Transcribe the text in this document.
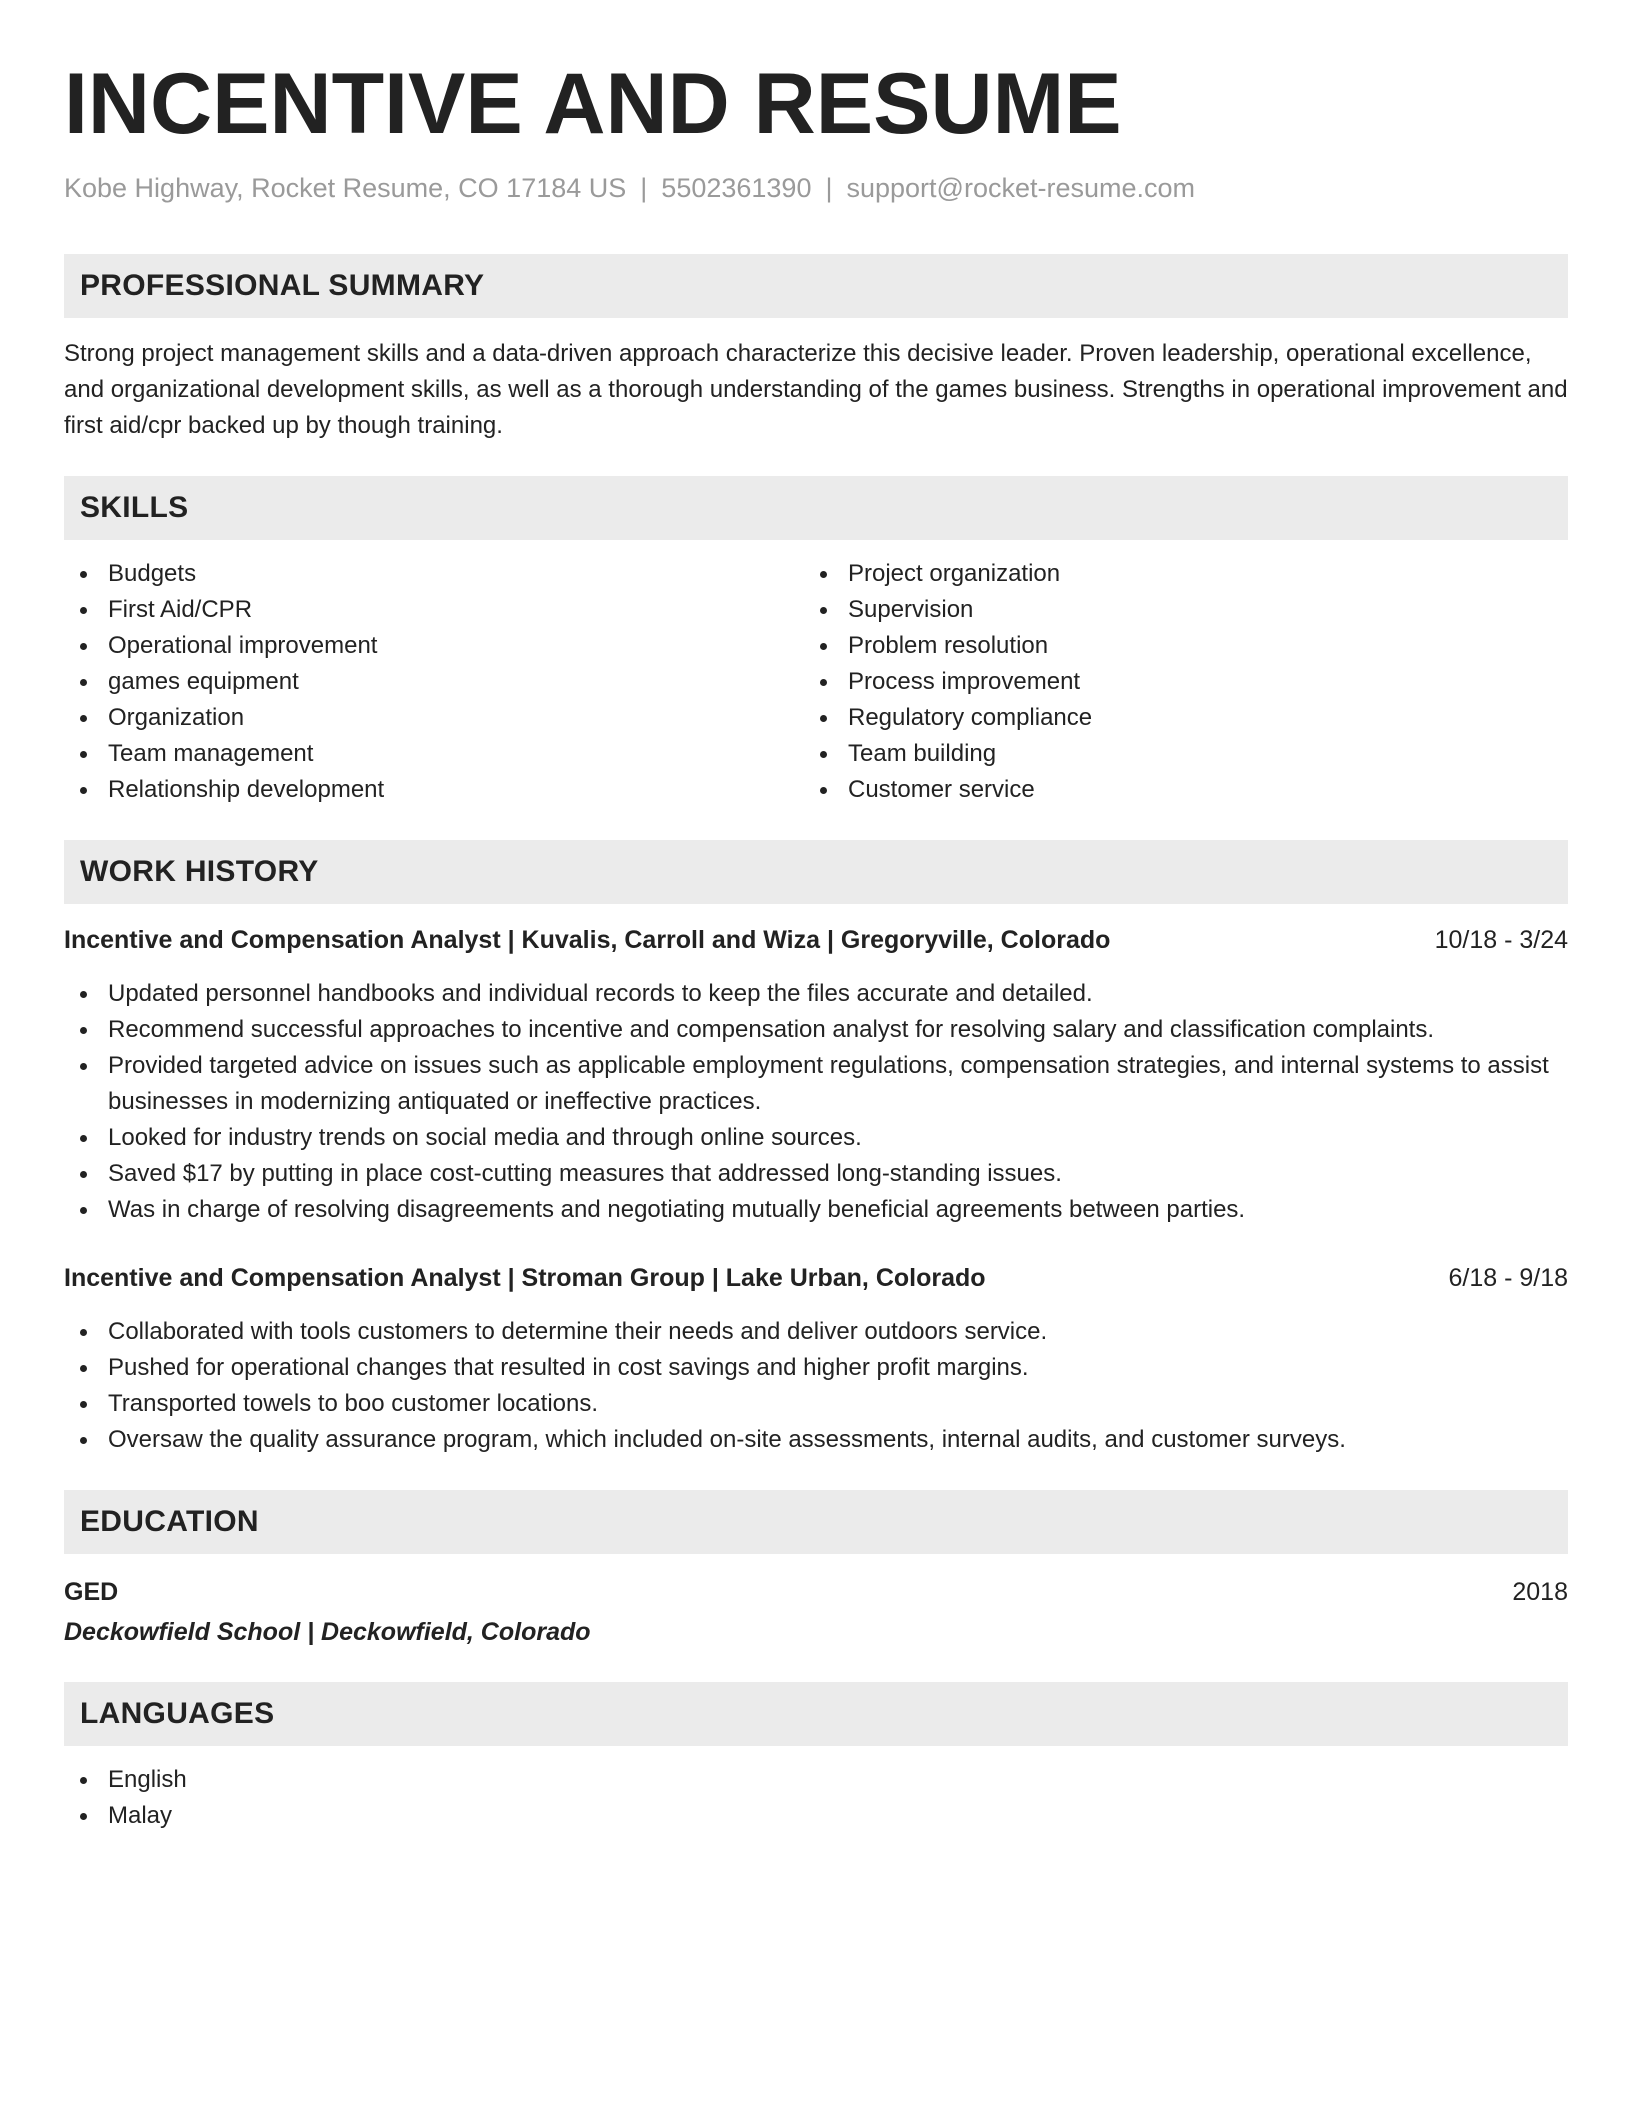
INCENTIVE AND RESUME
Kobe Highway, Rocket Resume, CO 17184 US | 5502361390 | support@rocket-resume.com
PROFESSIONAL SUMMARY

Strong project management skills and a data-driven approach characterize this decisive leader. Proven leadership, operational excellence, and organizational development skills, as well as a thorough understanding of the games business. Strengths in operational improvement and first aid/cpr backed up by though training.

SKILLS
Budgets
First Aid/CPR
Operational improvement
games equipment
Organization
Team management
Relationship development
Project organization
Supervision
Problem resolution
Process improvement
Regulatory compliance
Team building
Customer service
WORK HISTORY
Incentive and Compensation Analyst | Kuvalis, Carroll and Wiza | Gregoryville, Colorado	10/18 - 3/24
Updated personnel handbooks and individual records to keep the files accurate and detailed.
Recommend successful approaches to incentive and compensation analyst for resolving salary and classification complaints.
Provided targeted advice on issues such as applicable employment regulations, compensation strategies, and internal systems to assist businesses in modernizing antiquated or ineffective practices.
Looked for industry trends on social media and through online sources.
Saved $17 by putting in place cost-cutting measures that addressed long-standing issues.
Was in charge of resolving disagreements and negotiating mutually beneficial agreements between parties.
Incentive and Compensation Analyst | Stroman Group | Lake Urban, Colorado	6/18 - 9/18
Collaborated with tools customers to determine their needs and deliver outdoors service.
Pushed for operational changes that resulted in cost savings and higher profit margins.
Transported towels to boo customer locations.
Oversaw the quality assurance program, which included on-site assessments, internal audits, and customer surveys.
EDUCATION
GED	2018
Deckowfield School | Deckowfield, Colorado
LANGUAGES
English
Malay
